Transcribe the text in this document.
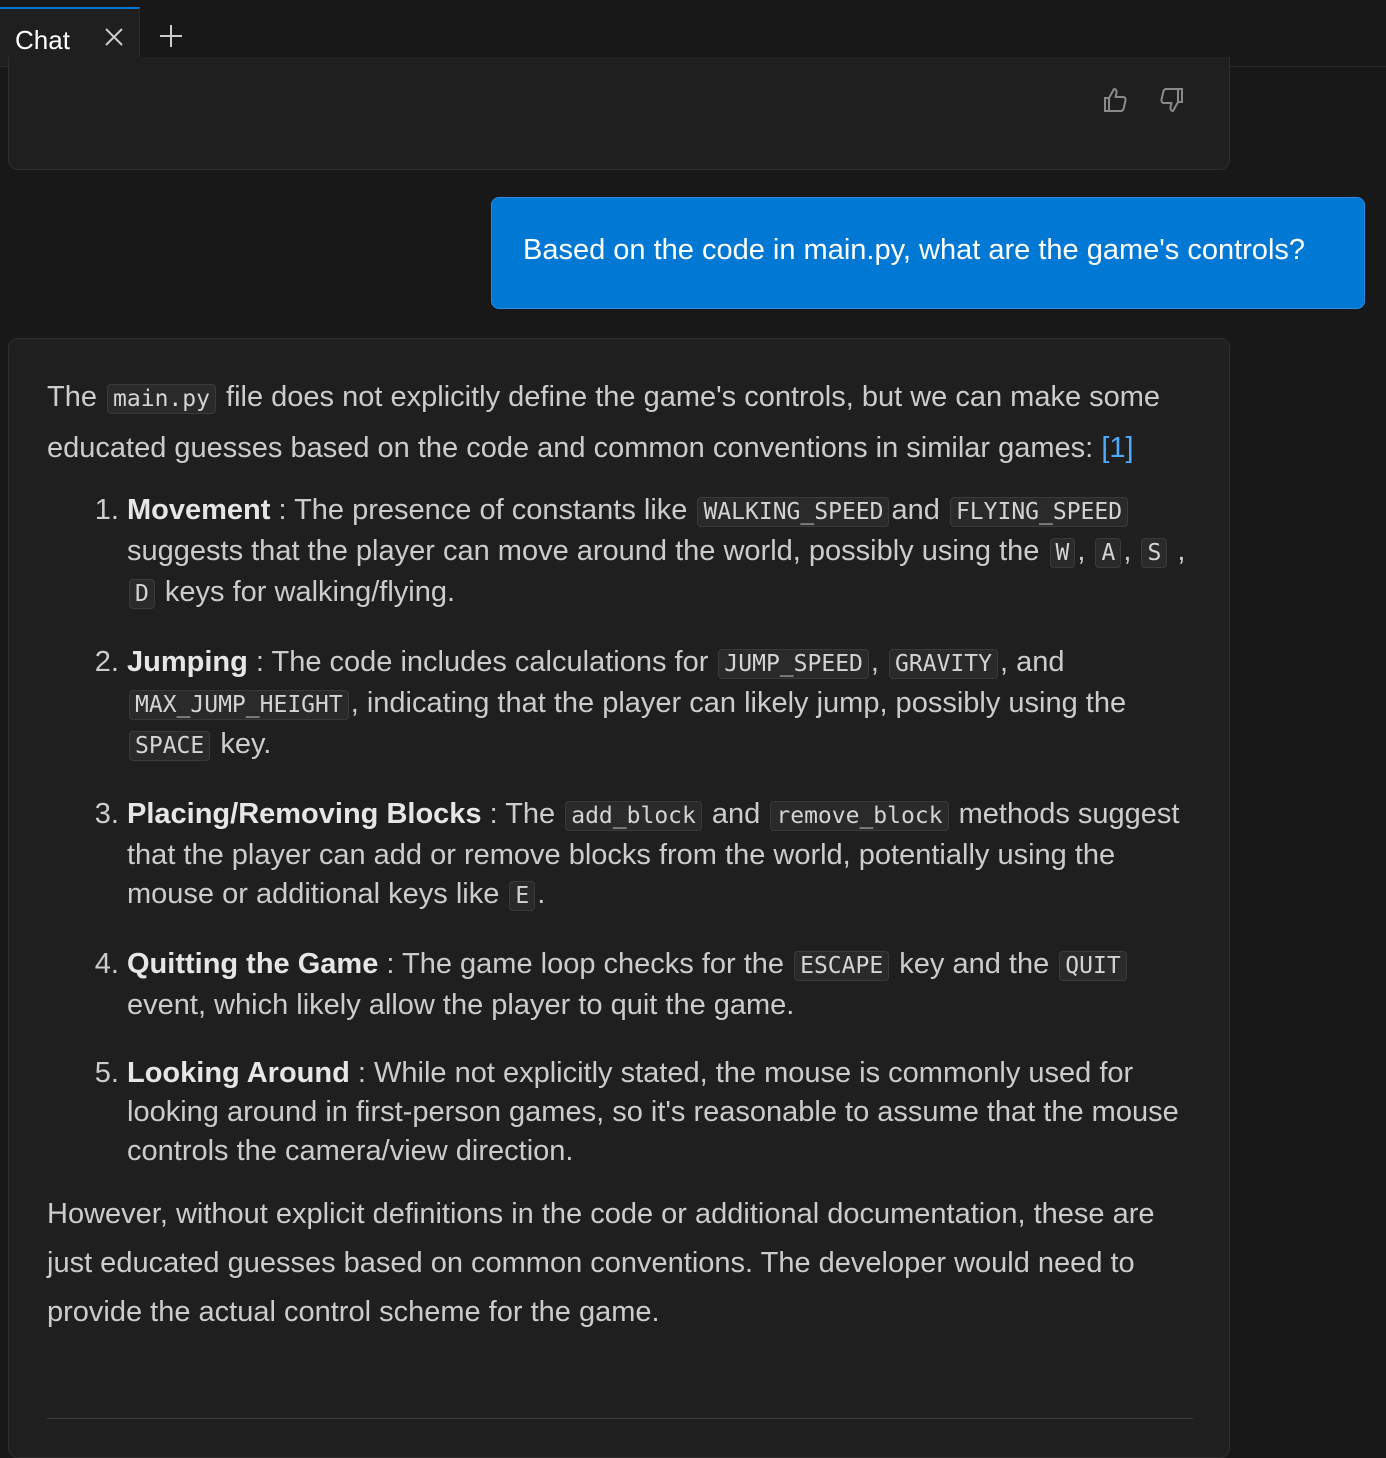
Chat
Based on the code in main.py, what are the game's controls?

The main.py file does not explicitly define the game's controls, but we can make some educated guesses based on the code and common conventions in similar games: [1]

1. Movement : The presence of constants like WALKING_SPEED and FLYING_SPEED suggests that the player can move around the world, possibly using the W , A , S , D keys for walking/flying.
2. Jumping : The code includes calculations for JUMP_SPEED , GRAVITY , and MAX_JUMP_HEIGHT , indicating that the player can likely jump, possibly using the SPACE key.
3. Placing/Removing Blocks : The add_block and remove_block methods suggest that the player can add or remove blocks from the world, potentially using the mouse or additional keys like E .
4. Quitting the Game : The game loop checks for the ESCAPE key and the QUIT event, which likely allow the player to quit the game.
5. Looking Around : While not explicitly stated, the mouse is commonly used for looking around in first-person games, so it's reasonable to assume that the mouse controls the camera/view direction.

However, without explicit definitions in the code or additional documentation, these are just educated guesses based on common conventions. The developer would need to provide the actual control scheme for the game.
